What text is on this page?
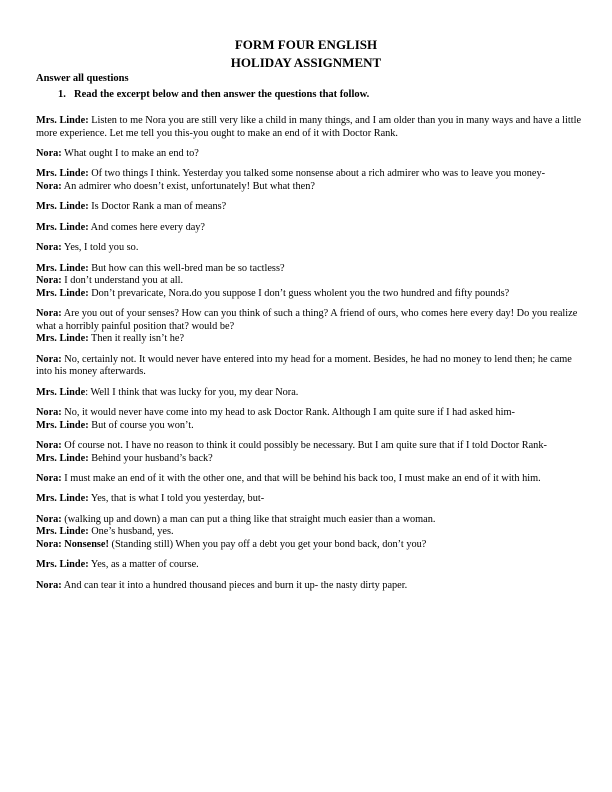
FORM FOUR ENGLISH
HOLIDAY ASSIGNMENT
Answer all questions
1. Read the excerpt below and then answer the questions that follow.

Mrs. Linde: Listen to me Nora you are still very like a child in many things, and I am older than you in many ways and have a little more experience. Let me tell you this-you ought to make an end of it with Doctor Rank.

Nora: What ought I to make an end to?

Mrs. Linde: Of two things I think. Yesterday you talked some nonsense about a rich admirer who was to leave you money-

Nora: An admirer who doesn’t exist, unfortunately! But what then?

Mrs. Linde: Is Doctor Rank a man of means?

Mrs. Linde: And comes here every day?

Nora: Yes, I told you so.

Mrs. Linde: But how can this well-bred man be so tactless?

Nora: I don’t understand you at all.

Mrs. Linde: Don’t prevaricate, Nora.do you suppose I don’t guess wholent you the two hundred and fifty pounds?

Nora: Are you out of your senses? How can you think of such a thing? A friend of ours, who comes here every day! Do you realize what a horribly painful position that? would be?

Mrs. Linde: Then it really isn’t he?

Nora: No, certainly not. It would never have entered into my head for a moment. Besides, he had no money to lend then; he came into his money afterwards.

Mrs. Linde: Well I think that was lucky for you, my dear Nora.

Nora: No, it would never have come into my head to ask Doctor Rank. Although I am quite sure if I had asked him-

Mrs. Linde: But of course you won’t.

Nora: Of course not. I have no reason to think it could possibly be necessary. But I am quite sure that if I told Doctor Rank-

Mrs. Linde: Behind your husband’s back?

Nora: I must make an end of it with the other one, and that will be behind his back too, I must make an end of it with him.

Mrs. Linde: Yes, that is what I told you yesterday, but-

Nora: (walking up and down) a man can put a thing like that straight much easier than a woman.

Mrs. Linde: One’s husband, yes.

Nora: Nonsense! (Standing still) When you pay off a debt you get your bond back, don’t you?

Mrs. Linde: Yes, as a matter of course.

Nora: And can tear it into a hundred thousand pieces and burn it up- the nasty dirty paper.
